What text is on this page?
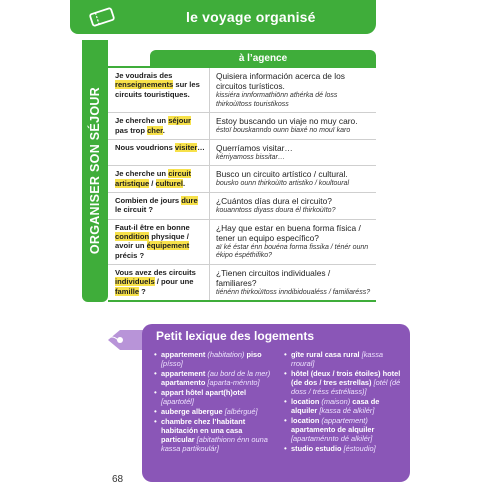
le voyage organisé
ORGANISER SON SÉJOUR
à l’agence
Je voudrais des renseignements sur les circuits touristiques.
Quisiera información acerca de los circuitos turísticos.
kissiéra innformathiōnn athérka dé loss thirkoùïtoss touristikoss
Je cherche un séjour pas trop cher.
Estoy buscando un viaje no muy caro.
éstoï bouskanndo ounn biaxé no mouï karo
Nous voudrions visiter…	Querríamos visitar…
kérriyamoss bissitar…
Je cherche un circuit artistique / culturel.
Busco un circuito artístico / cultural.
bousko ounn thirkoùïto artistiko / koultoural
Combien de jours dure le circuit ?
¿Cuántos días dura el circuito?
kouanntoss diyass doura él thirkoùïto?
Faut-il être en bonne condition physique / avoir un équipement précis ?
¿Hay que estar en buena forma física / tener un equipo específico?
aï ké éstar énn bouéna forma fissika / ténér ounn ékipo éspéthifiko?
Vous avez des circuits individuels / pour une famille ?
¿Tienen circuitos individuales / familiares?
tiénénn thirkoùïtoss inndibidoualéss / familiaréss?
Petit lexique des logements
• appartement (habitation) piso [písso]
• appartement (au bord de la mer) apartamento [aparta-ménnto]
• appart hôtel apart(h)otel [apartotél]
• auberge albergue [albérgué]
• chambre chez l’habitant habitación en una casa particular [abitathionn énn ouna kassa partikoulár]
• gîte rural casa rural [kassa rroural]
• hôtel (deux / trois étoiles) hotel (de dos / tres estrellas) [otél (dé doss / tréss éstréliass)]
• location (maison) casa de alquiler [kassa dé alkilér]
• location (appartement) apartamento de alquiler [apartaménnto dé alkilér]
• studio estudio [éstoudio]
68
